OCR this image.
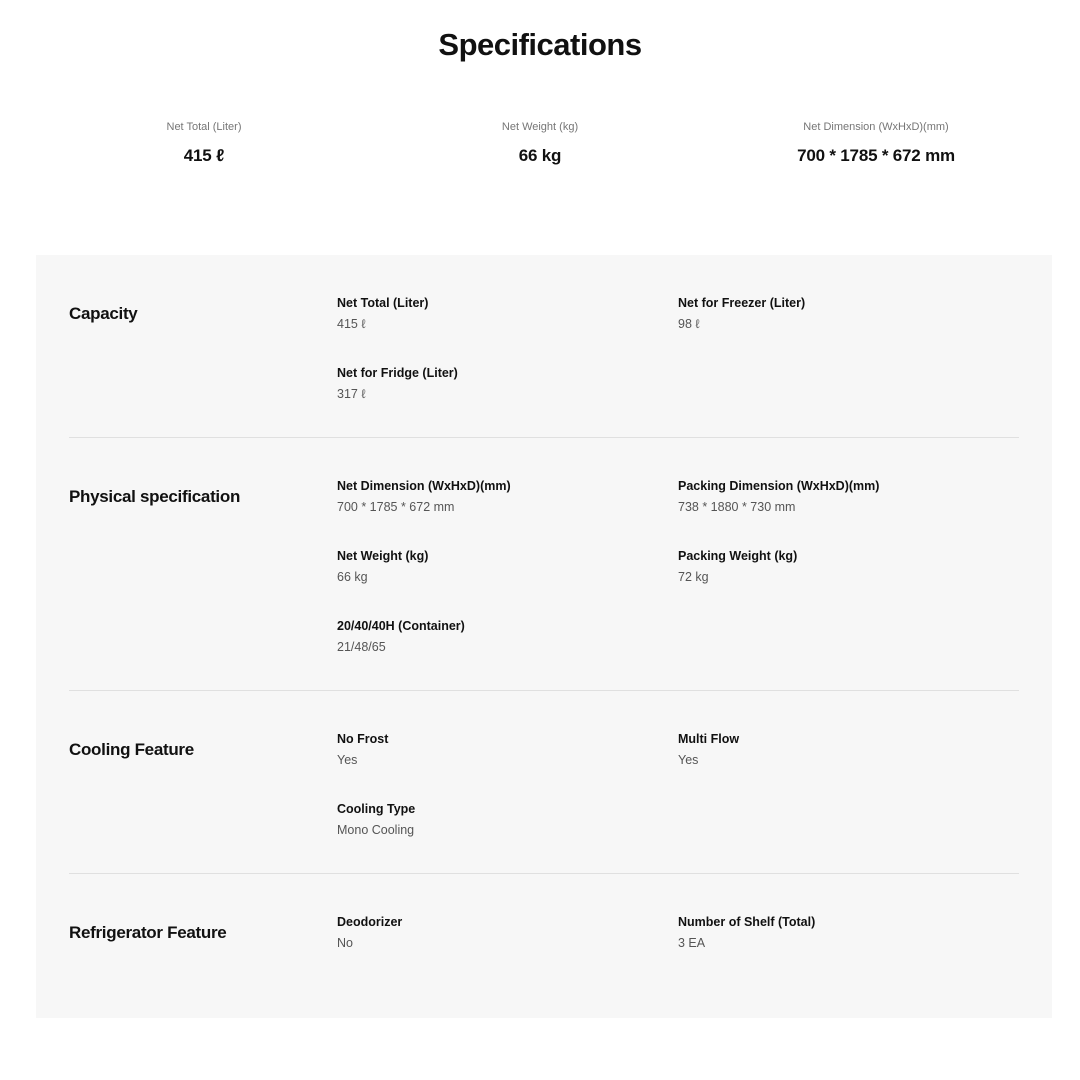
Specifications
Net Total (Liter)
415 ℓ
Net Weight (kg)
66 kg
Net Dimension (WxHxD)(mm)
700 * 1785 * 672 mm
Capacity
Net Total (Liter)
415 ℓ
Net for Freezer (Liter)
98 ℓ
Net for Fridge (Liter)
317 ℓ
Physical specification
Net Dimension (WxHxD)(mm)
700 * 1785 * 672 mm
Packing Dimension (WxHxD)(mm)
738 * 1880 * 730 mm
Net Weight (kg)
66 kg
Packing Weight (kg)
72 kg
20/40/40H (Container)
21/48/65
Cooling Feature
No Frost
Yes
Multi Flow
Yes
Cooling Type
Mono Cooling
Refrigerator Feature
Deodorizer
No
Number of Shelf (Total)
3 EA
